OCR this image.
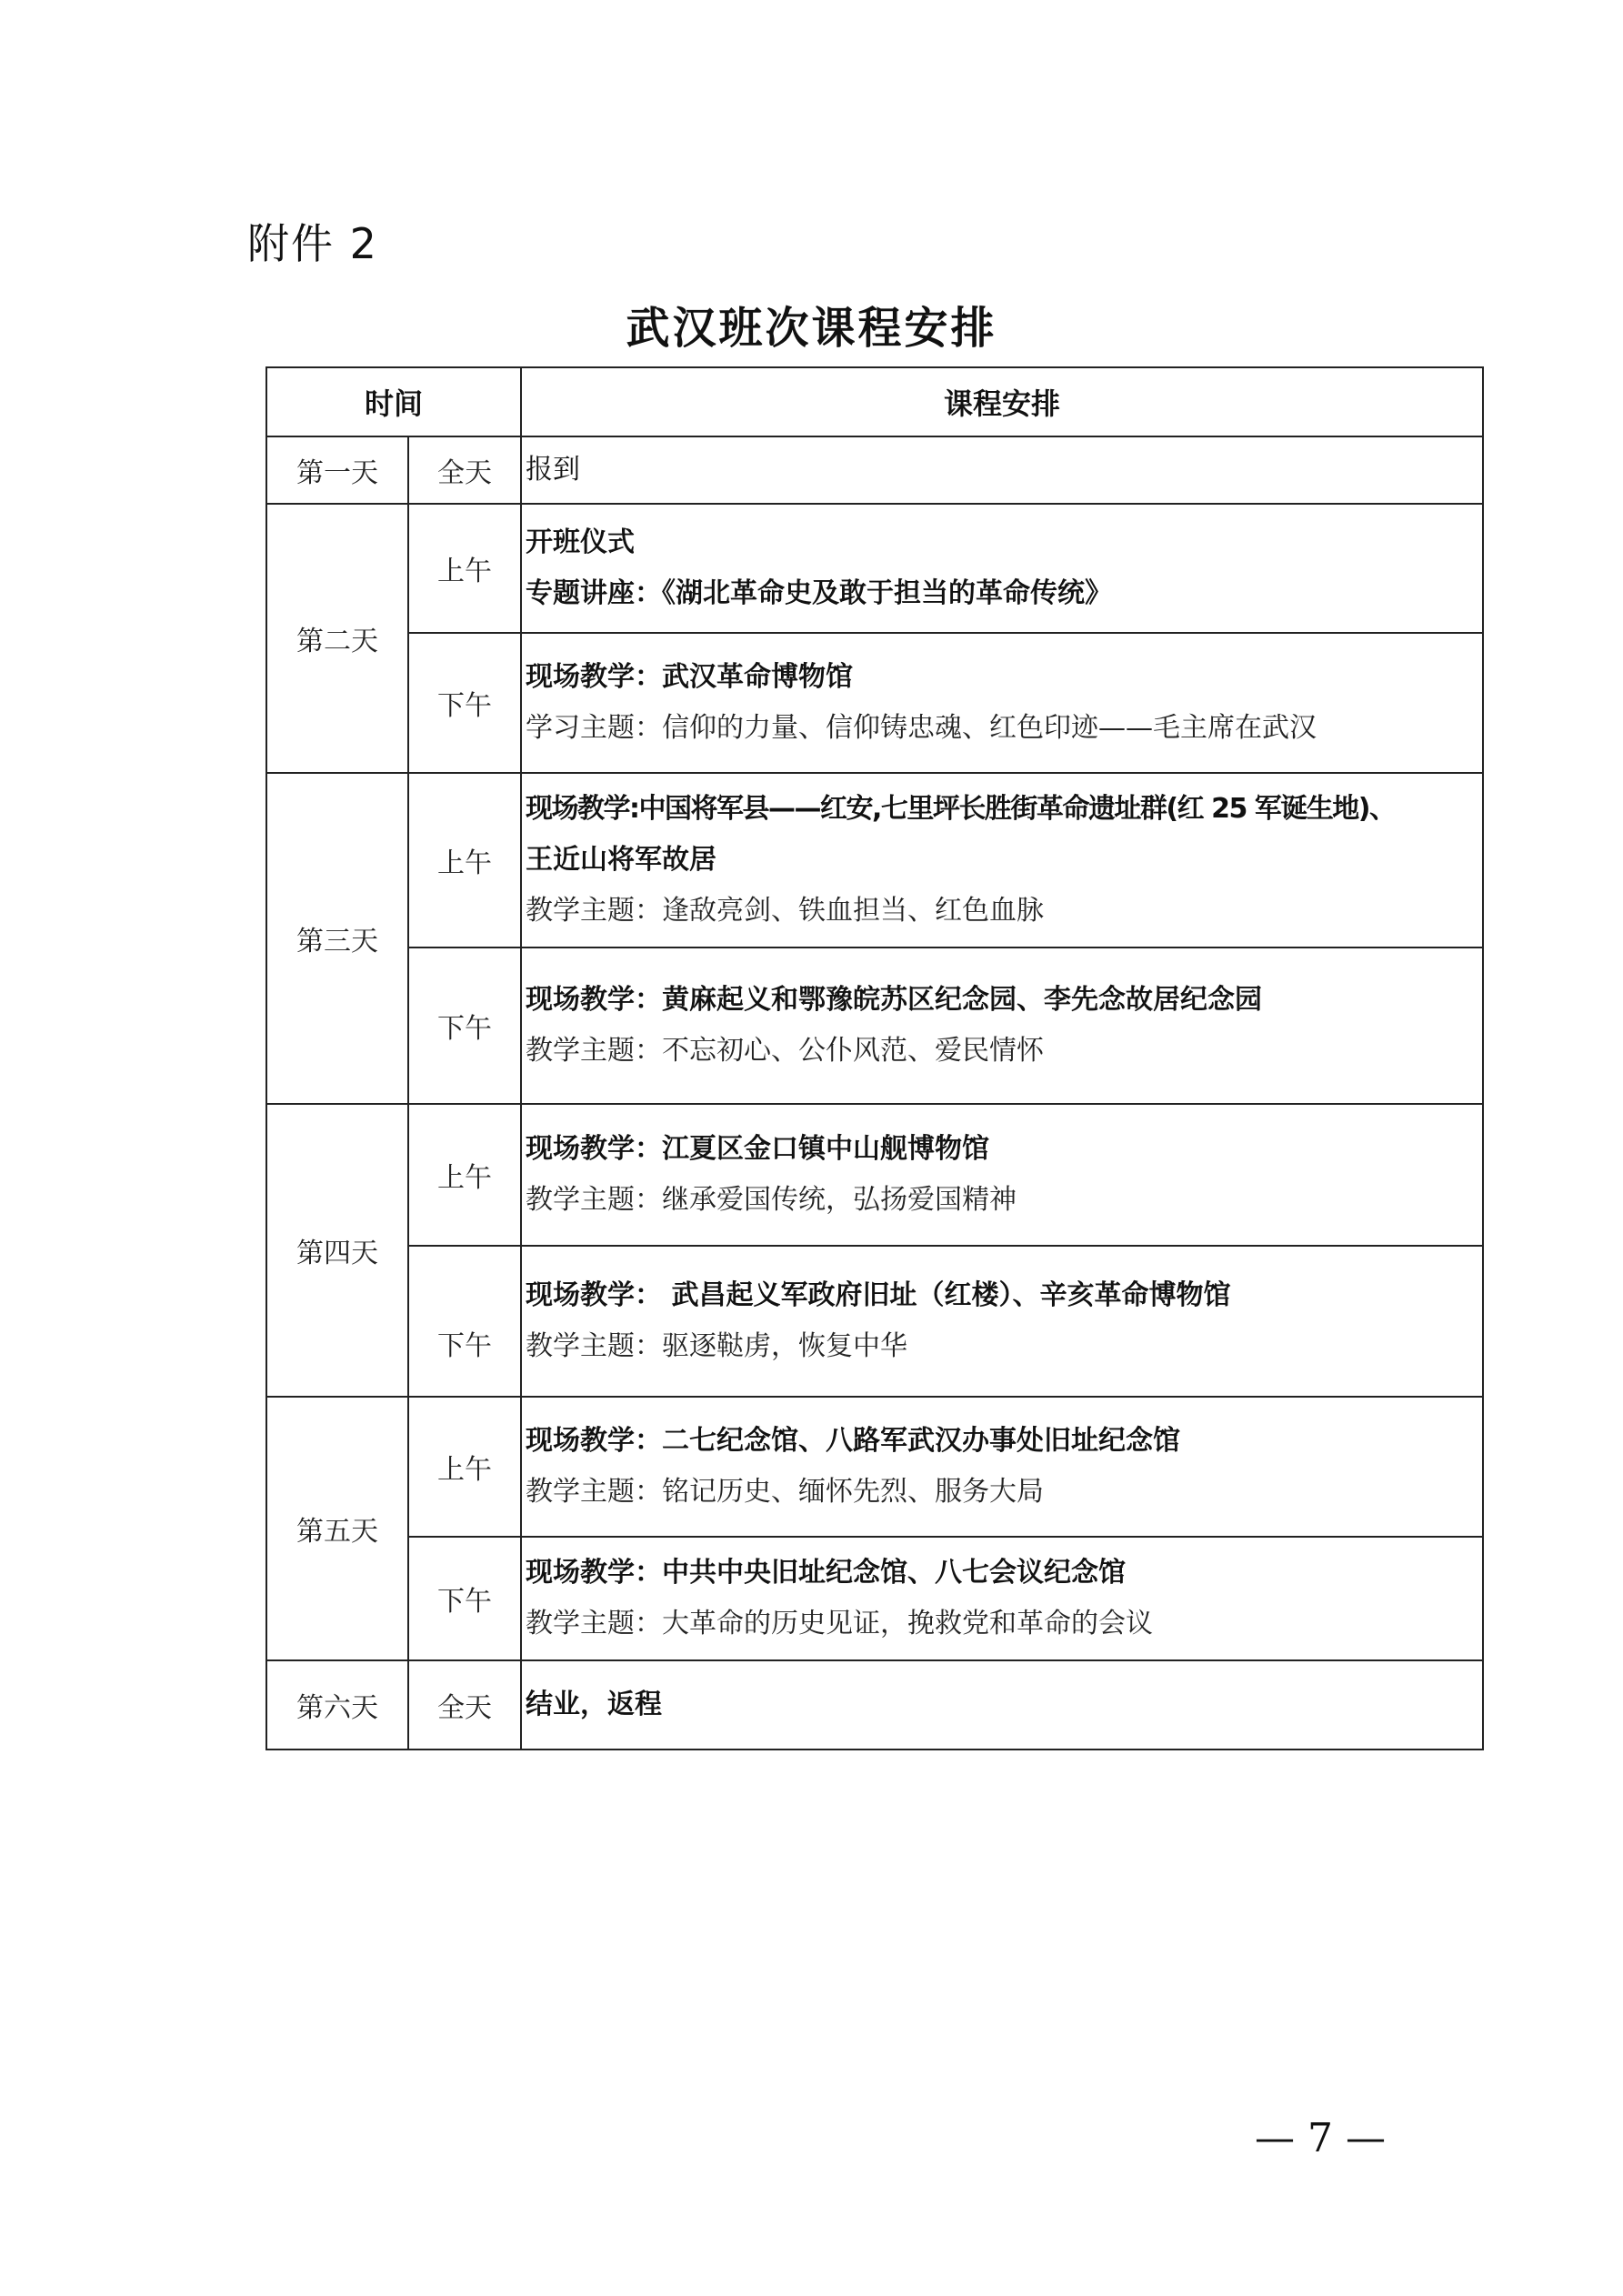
附件 2
武汉班次课程安排
时间		课程安排
第一天	全天	报到

第二天	上午	开班仪式
专题讲座：《湖北革命史及敢于担当的革命传统》

	下午	现场教学：武汉革命博物馆
学习主题：信仰的力量、信仰铸忠魂、红色印迹——毛主席在武汉

第三天	上午	现场教学:中国将军县——红安,七里坪长胜街革命遗址群(红 25 军诞生地)、
王近山将军故居
教学主题：逢敌亮剑、铁血担当、红色血脉

	下午	现场教学：黄麻起义和鄂豫皖苏区纪念园、李先念故居纪念园
教学主题：不忘初心、公仆风范、爱民情怀

第四天	上午	现场教学：江夏区金口镇中山舰博物馆
教学主题：继承爱国传统，弘扬爱国精神

	下午	现场教学： 武昌起义军政府旧址（红楼）、辛亥革命博物馆
教学主题：驱逐鞑虏，恢复中华

第五天	上午	现场教学：二七纪念馆、八路军武汉办事处旧址纪念馆
教学主题：铭记历史、缅怀先烈、服务大局

	下午	现场教学：中共中央旧址纪念馆、八七会议纪念馆
教学主题：大革命的历史见证，挽救党和革命的会议

第六天	全天	结业，返程
— 7 —
